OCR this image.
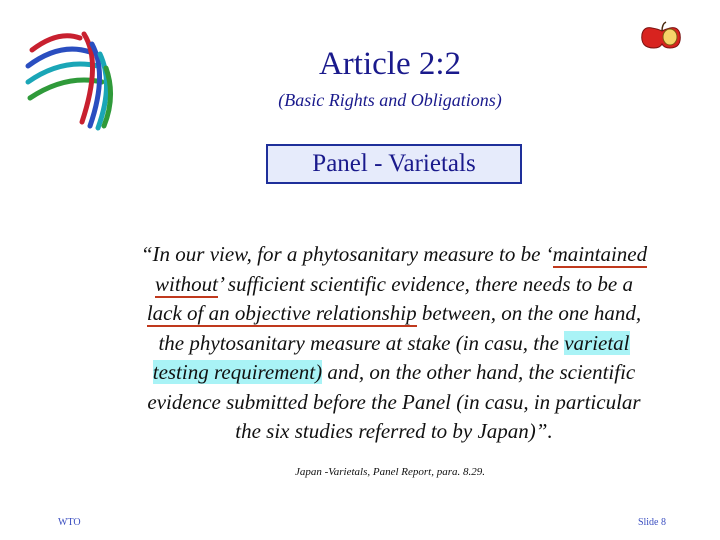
Article 2:2
(Basic Rights and Obligations)
Panel - Varietals

“In our view, for a phytosanitary measure to be ‘maintained
without’ sufficient scientific evidence, there needs to be a
lack of an objective relationship between, on the one hand,
the phytosanitary measure at stake (in casu, the varietal
testing requirement) and, on the other hand, the scientific
evidence submitted before the Panel (in casu, in particular
the six studies referred to by Japan)”.

Japan -Varietals, Panel Report, para. 8.29.
WTO	Slide 8
